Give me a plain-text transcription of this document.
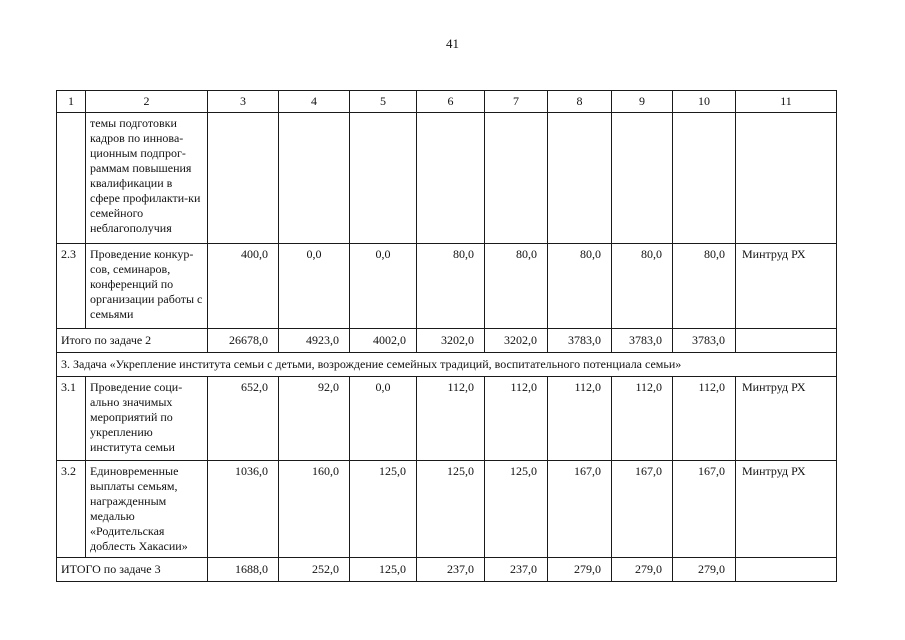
41
1	2	3	4	5	6	7	8	9	10	11
	темы подготовки кадров по иннова-ционным подпрог-раммам повышения квалификации в сфере профилакти-ки семейного неблагополучия									
2.3	Проведение конкур-сов, семинаров, конференций по организации работы с семьями	400,0	0,0	0,0	80,0	80,0	80,0	80,0	80,0	Минтруд РХ
Итого по задаче 2		26678,0	4923,0	4002,0	3202,0	3202,0	3783,0	3783,0	3783,0	
3. Задача «Укрепление института семьи с детьми, возрождение семейных традиций, воспитательного потенциала семьи»										
3.1	Проведение соци-ально значимых мероприятий по укреплению института семьи	652,0	92,0	0,0	112,0	112,0	112,0	112,0	112,0	Минтруд РХ
3.2	Единовременные выплаты семьям, награжденным медалью «Родительская доблесть Хакасии»	1036,0	160,0	125,0	125,0	125,0	167,0	167,0	167,0	Минтруд РХ
ИТОГО по задаче 3		1688,0	252,0	125,0	237,0	237,0	279,0	279,0	279,0	
